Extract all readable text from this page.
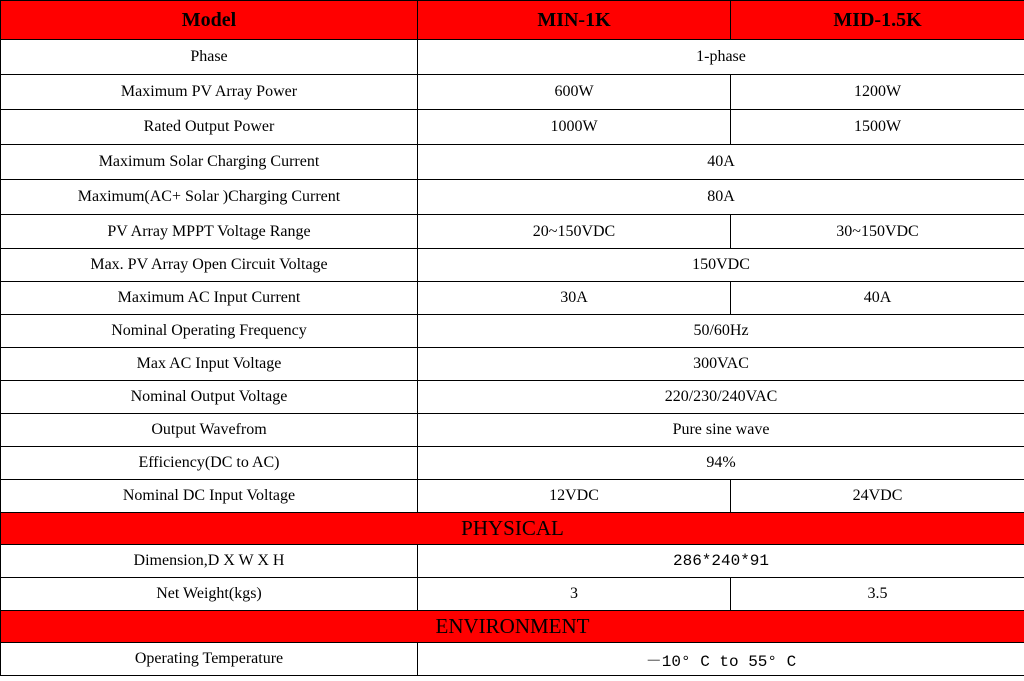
Model	MIN-1K	MID-1.5K
Phase	1-phase	
Maximum PV Array Power	600W	1200W
Rated Output Power	1000W	1500W
Maximum Solar Charging Current	40A	
Maximum(AC+ Solar )Charging Current	80A	
PV Array MPPT Voltage Range	20~150VDC	30~150VDC
Max. PV Array Open Circuit Voltage	150VDC	
Maximum AC Input Current	30A	40A
Nominal Operating Frequency	50/60Hz	
Max AC Input Voltage	300VAC	
Nominal Output Voltage	220/230/240VAC	
Output Wavefrom	Pure sine wave	
Efficiency(DC to AC)	94%	
Nominal DC Input Voltage	12VDC	24VDC
PHYSICAL		
Dimension,D X W X H	286*240*91	
Net Weight(kgs)	3	3.5
ENVIRONMENT		
Operating Temperature	－10° C to 55° C	
